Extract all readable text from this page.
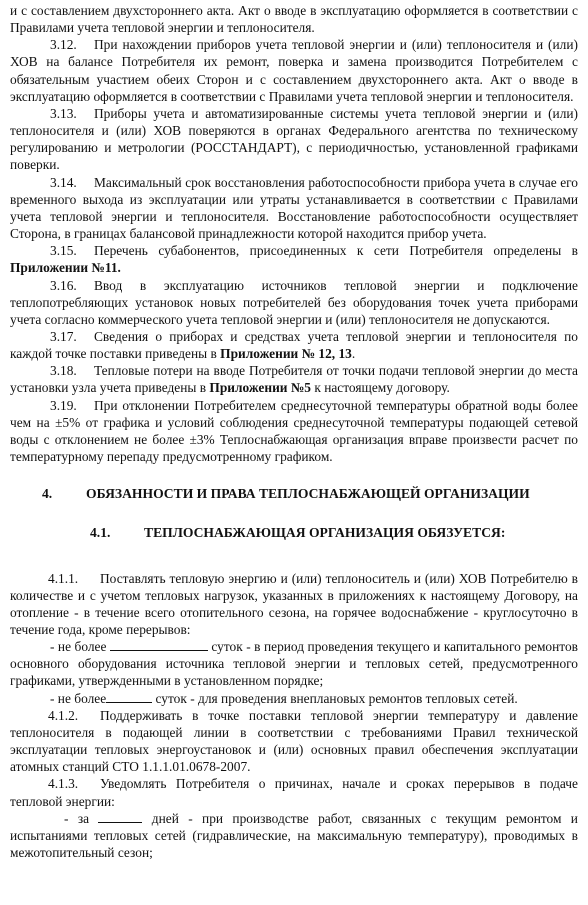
и с составлением двухстороннего акта. Акт о вводе в эксплуатацию оформляется в соответствии с Правилами учета тепловой энергии и теплоносителя.

3.12. При нахождении приборов учета тепловой энергии и (или) теплоносителя и (или) ХОВ на балансе Потребителя их ремонт, поверка и замена производится Потребителем с обязательным участием обеих Сторон и с составлением двухстороннего акта. Акт о вводе в эксплуатацию оформляется в соответствии с Правилами учета тепловой энергии и теплоносителя.

3.13. Приборы учета и автоматизированные системы учета тепловой энергии и (или) теплоносителя и (или) ХОВ поверяются в органах Федерального агентства по техническому регулированию и метрологии (РОССТАНДАРТ), с периодичностью, установленной графиками поверки.

3.14. Максимальный срок восстановления работоспособности прибора учета в случае его временного выхода из эксплуатации или утраты устанавливается в соответствии с Правилами учета тепловой энергии и теплоносителя. Восстановление работоспособности осуществляет Сторона, в границах балансовой принадлежности которой находится прибор учета.

3.15. Перечень субабонентов, присоединенных к сети Потребителя определены в Приложении №11.

3.16. Ввод в эксплуатацию источников тепловой энергии и подключение теплопотребляющих установок новых потребителей без оборудования точек учета приборами учета согласно коммерческого учета тепловой энергии и (или) теплоносителя не допускаются.

3.17. Сведения о приборах и средствах учета тепловой энергии и теплоносителя по каждой точке поставки приведены в Приложении № 12, 13.

3.18. Тепловые потери на вводе Потребителя от точки подачи тепловой энергии до места установки узла учета приведены в Приложении №5 к настоящему договору.

3.19. При отклонении Потребителем среднесуточной температуры обратной воды более чем на ±5% от графика и условий соблюдения среднесуточной температуры подающей сетевой воды с отклонением не более ±3% Теплоснабжающая организация вправе произвести расчет по температурному перепаду предусмотренному графиком.

4. ОБЯЗАННОСТИ И ПРАВА ТЕПЛОСНАБЖАЮЩЕЙ ОРГАНИЗАЦИИ
4.1. ТЕПЛОСНАБЖАЮЩАЯ ОРГАНИЗАЦИЯ ОБЯЗУЕТСЯ:

4.1.1. Поставлять тепловую энергию и (или) теплоноситель и (или) ХОВ Потребителю в количестве и с учетом тепловых нагрузок, указанных в приложениях к настоящему Договору, на отопление - в течение всего отопительного сезона, на горячее водоснабжение - круглосуточно в течение года, кроме перерывов:

- не более	суток - в период проведения текущего и капитального ремонтов основного оборудования источника тепловой энергии и тепловых сетей, предусмотренного графиками, утвержденными в установленном порядке;

- не более	суток - для проведения внеплановых ремонтов тепловых сетей.

4.1.2. Поддерживать в точке поставки тепловой энергии температуру и давление теплоносителя в подающей линии в соответствии с требованиями Правил технической эксплуатации тепловых энергоустановок и (или) основных правил обеспечения эксплуатации атомных станций СТО 1.1.1.01.0678-2007.

4.1.3. Уведомлять Потребителя о причинах, начале и сроках перерывов в подаче тепловой энергии:

- за	дней - при производстве работ, связанных с текущим ремонтом и испытаниями тепловых сетей (гидравлические, на максимальную температуру), проводимых в межотопительный сезон;
